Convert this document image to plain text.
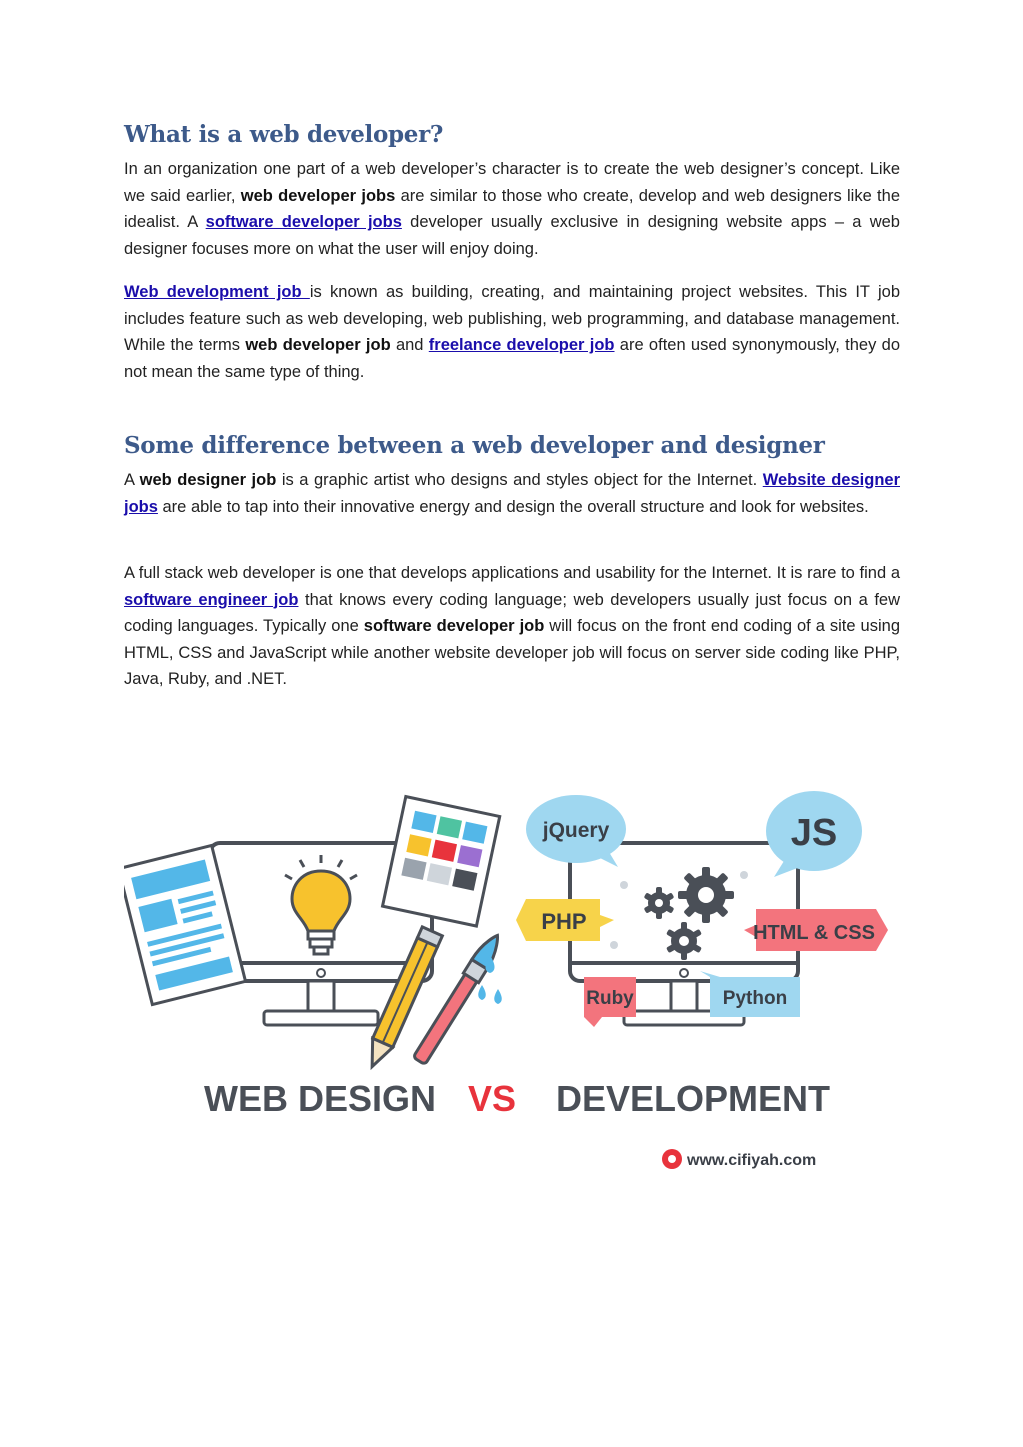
What is a web developer?

In an organization one part of a web developer’s character is to create the web designer’s concept. Like we said earlier, web developer jobs are similar to those who create, develop and web designers like the idealist. A software developer jobs developer usually exclusive in designing website apps – a web designer focuses more on what the user will enjoy doing.

Web development job is known as building, creating, and maintaining project websites. This IT job includes feature such as web developing, web publishing, web programming, and database management. While the terms web developer job and freelance developer job are often used synonymously, they do not mean the same type of thing.

Some difference between a web developer and designer

A web designer job is a graphic artist who designs and styles object for the Internet. Website designer jobs are able to tap into their innovative energy and design the overall structure and look for websites.

A full stack web developer is one that develops applications and usability for the Internet. It is rare to find a software engineer job that knows every coding language; web developers usually just focus on a few coding languages. Typically one software developer job will focus on the front end coding of a site using HTML, CSS and JavaScript while another website developer job will focus on server side coding like PHP, Java, Ruby, and .NET.

jQuery	JS
PHP	HTML & CSS
Ruby	Python
WEB DESIGN VS DEVELOPMENT
www.cifiyah.com
